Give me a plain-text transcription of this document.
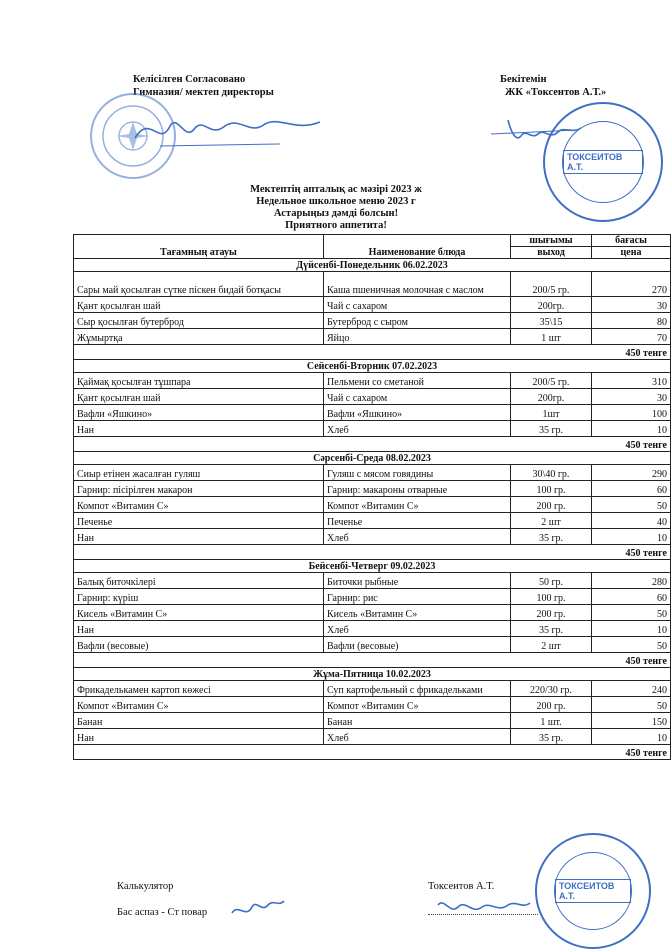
Келісілген Согласовано
Гимназия/ мектеп директоры
Бекітемін
ЖК «Токсентов А.Т.»
ТОКСЕИТОВ А.Т.
Мектептің апталық ас мәзірі 2023 ж
Недельное школьное меню 2023 г
Астарыңыз дәмді болсын!
Тағамның атауы	Наименование блюда	шығымы	бағасы
		выход	цена
Дүйсенбі-Понедельник 06.02.2023			
Сары май қосылған сүтке піскен бидай ботқасы	Каша пшеничная молочная с маслом	200/5 гр.	270
Қант қосылған шай	Чай с сахаром	200гр.	30
Сыр қосылған бутерброд	Бутерброд с сыром	35\15	80
Жұмыртқа	Яйцо	1 шт	70
450 тенге			
Сейсенбі-Вторник 07.02.2023			
Қаймақ қосылған тұшпара	Пельмени со сметаной	200/5 гр.	310
Қант қосылған шай	Чай с сахаром	200гр.	30
Вафли «Яшкино»	Вафли «Яшкино»	1шт	100
Нан	Хлеб	35 гр.	10
450 тенге			
Сәрсенбі-Среда 08.02.2023			
Сиыр етінен жасалған гуляш	Гуляш с мясом говядины	30\40 гр.	290
Гарнир: пісірілген макарон	Гарнир: макароны отварные	100 гр.	60
Компот «Витамин С»	Компот «Витамин С»	200 гр.	50
Печенье	Печенье	2 шт	40
Нан	Хлеб	35 гр.	10
450 тенге			
Бейсенбі-Четверг 09.02.2023			
Балық биточкілері	Биточки рыбные	50 гр.	280
Гарнир: күріш	Гарнир: рис	100 гр.	60
Кисель «Витамин С»	Кисель «Витамин С»	200 гр.	50
Нан	Хлеб	35 гр.	10
Вафли (весовые)	Вафли (весовые)	2 шт	50
450 тенге			
Жұма-Пятница 10.02.2023			
Фрикаделькамен картоп көжесі	Суп картофельный с фрикадельками	220/30 гр.	240
Компот «Витамин С»	Компот «Витамин С»	200 гр.	50
Банан	Банан	1 шт.	150
Нан	Хлеб	35 гр.	10
450 тенге			
Калькулятор
Бас аспаз - Ст повар
Токсеитов А.Т.	ТОКСЕИТОВ А.Т.
Приятного аппетита!
